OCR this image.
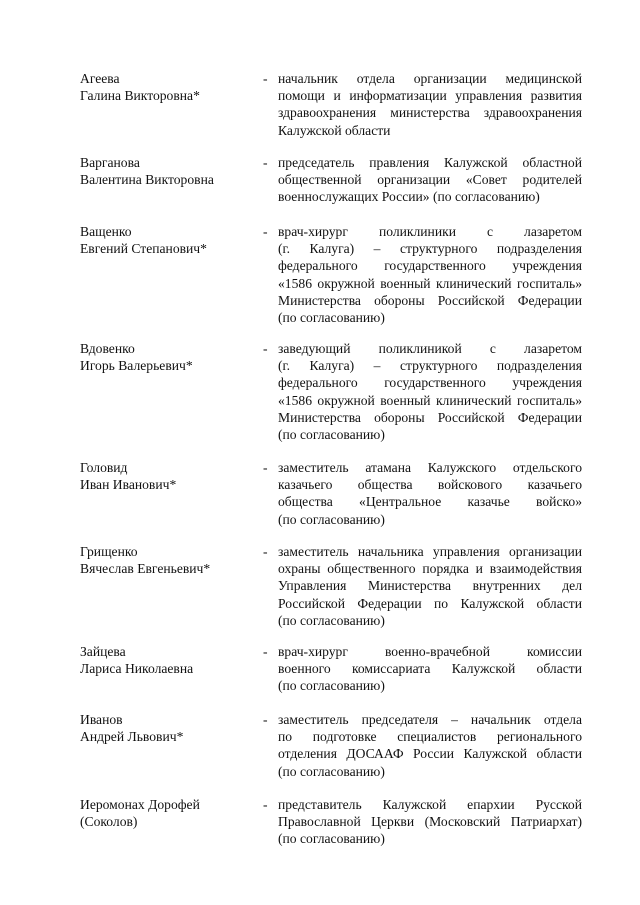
Агеева
Галина Викторовна*
- начальник отдела организации медицинской
помощи и информатизации управления развития
здравоохранения министерства здравоохранения
Калужской области
Варганова
Валентина Викторовна
- председатель правления Калужской областной
общественной организации «Совет родителей
военнослужащих России» (по согласованию)
Ващенко
Евгений Степанович*
- врач-хирург поликлиники с лазаретом
(г. Калуга) – структурного подразделения
федерального государственного учреждения
«1586 окружной военный клинический госпиталь»
Министерства обороны Российской Федерации
(по согласованию)
Вдовенко
Игорь Валерьевич*
- заведующий поликлиникой с лазаретом
(г. Калуга) – структурного подразделения
федерального государственного учреждения
«1586 окружной военный клинический госпиталь»
Министерства обороны Российской Федерации
(по согласованию)
Головид
Иван Иванович*
- заместитель атамана Калужского отдельского
казачьего общества войскового казачьего
общества «Центральное казачье войско»
(по согласованию)
Грищенко
Вячеслав Евгеньевич*
- заместитель начальника управления организации
охраны общественного порядка и взаимодействия
Управления Министерства внутренних дел
Российской Федерации по Калужской области
(по согласованию)
Зайцева
Лариса Николаевна
- врач-хирург военно-врачебной комиссии
военного комиссариата Калужской области
(по согласованию)
Иванов
Андрей Львович*
- заместитель председателя – начальник отдела
по подготовке специалистов регионального
отделения ДОСААФ России Калужской области
(по согласованию)
Иеромонах Дорофей
(Соколов)
- представитель Калужской епархии Русской
Православной Церкви (Московский Патриархат)
(по согласованию)
